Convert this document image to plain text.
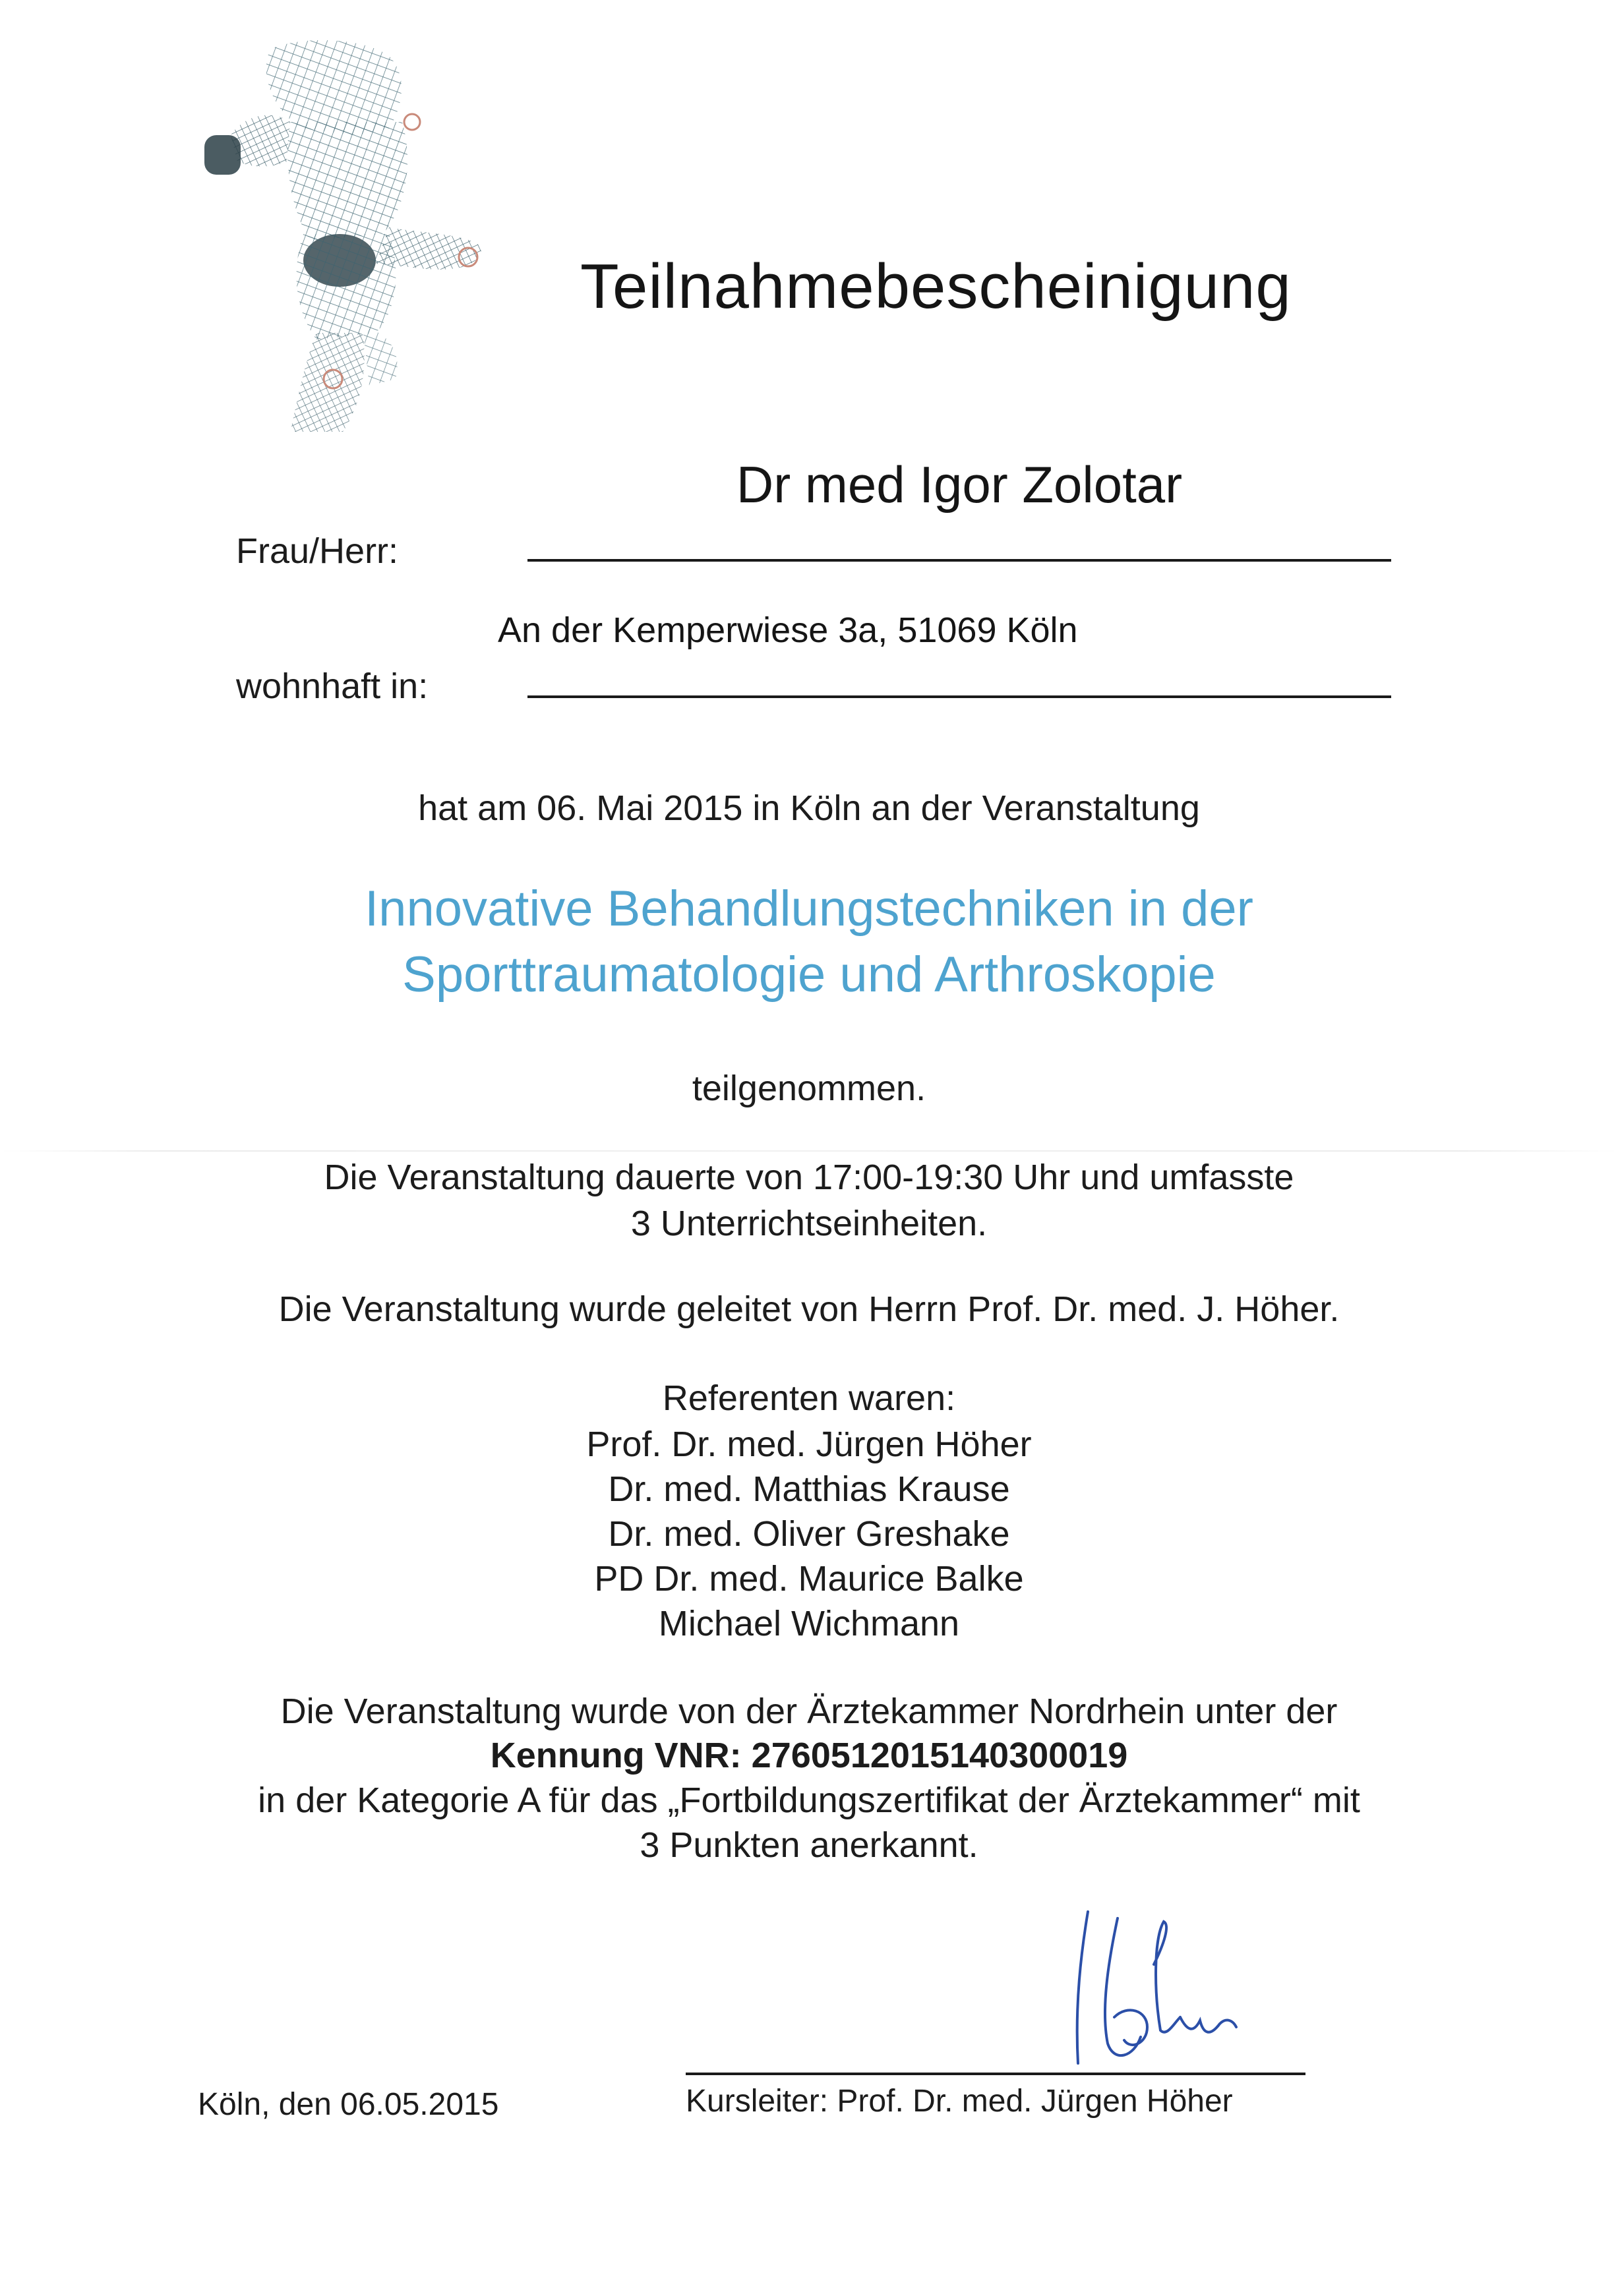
Teilnahmebescheinigung
Frau/Herr:
Dr med Igor Zolotar
wohnhaft in:
An der Kemperwiese 3a, 51069 Köln
hat am 06. Mai 2015 in Köln an der Veranstaltung
Innovative Behandlungstechniken in der
Sporttraumatologie und Arthroskopie
teilgenommen.
Die Veranstaltung dauerte von 17:00-19:30 Uhr und umfasste
3 Unterrichtseinheiten.
Die Veranstaltung wurde geleitet von Herrn Prof. Dr. med. J. Höher.
Referenten waren:
Prof. Dr. med. Jürgen Höher
Dr. med. Matthias Krause
Dr. med. Oliver Greshake
PD Dr. med. Maurice Balke
Michael Wichmann
Die Veranstaltung wurde von der Ärztekammer Nordrhein unter der
Kennung VNR: 2760512015140300019
in der Kategorie A für das „Fortbildungszertifikat der Ärztekammer“ mit
3 Punkten anerkannt.
Kursleiter: Prof. Dr. med. Jürgen Höher
Köln, den 06.05.2015
